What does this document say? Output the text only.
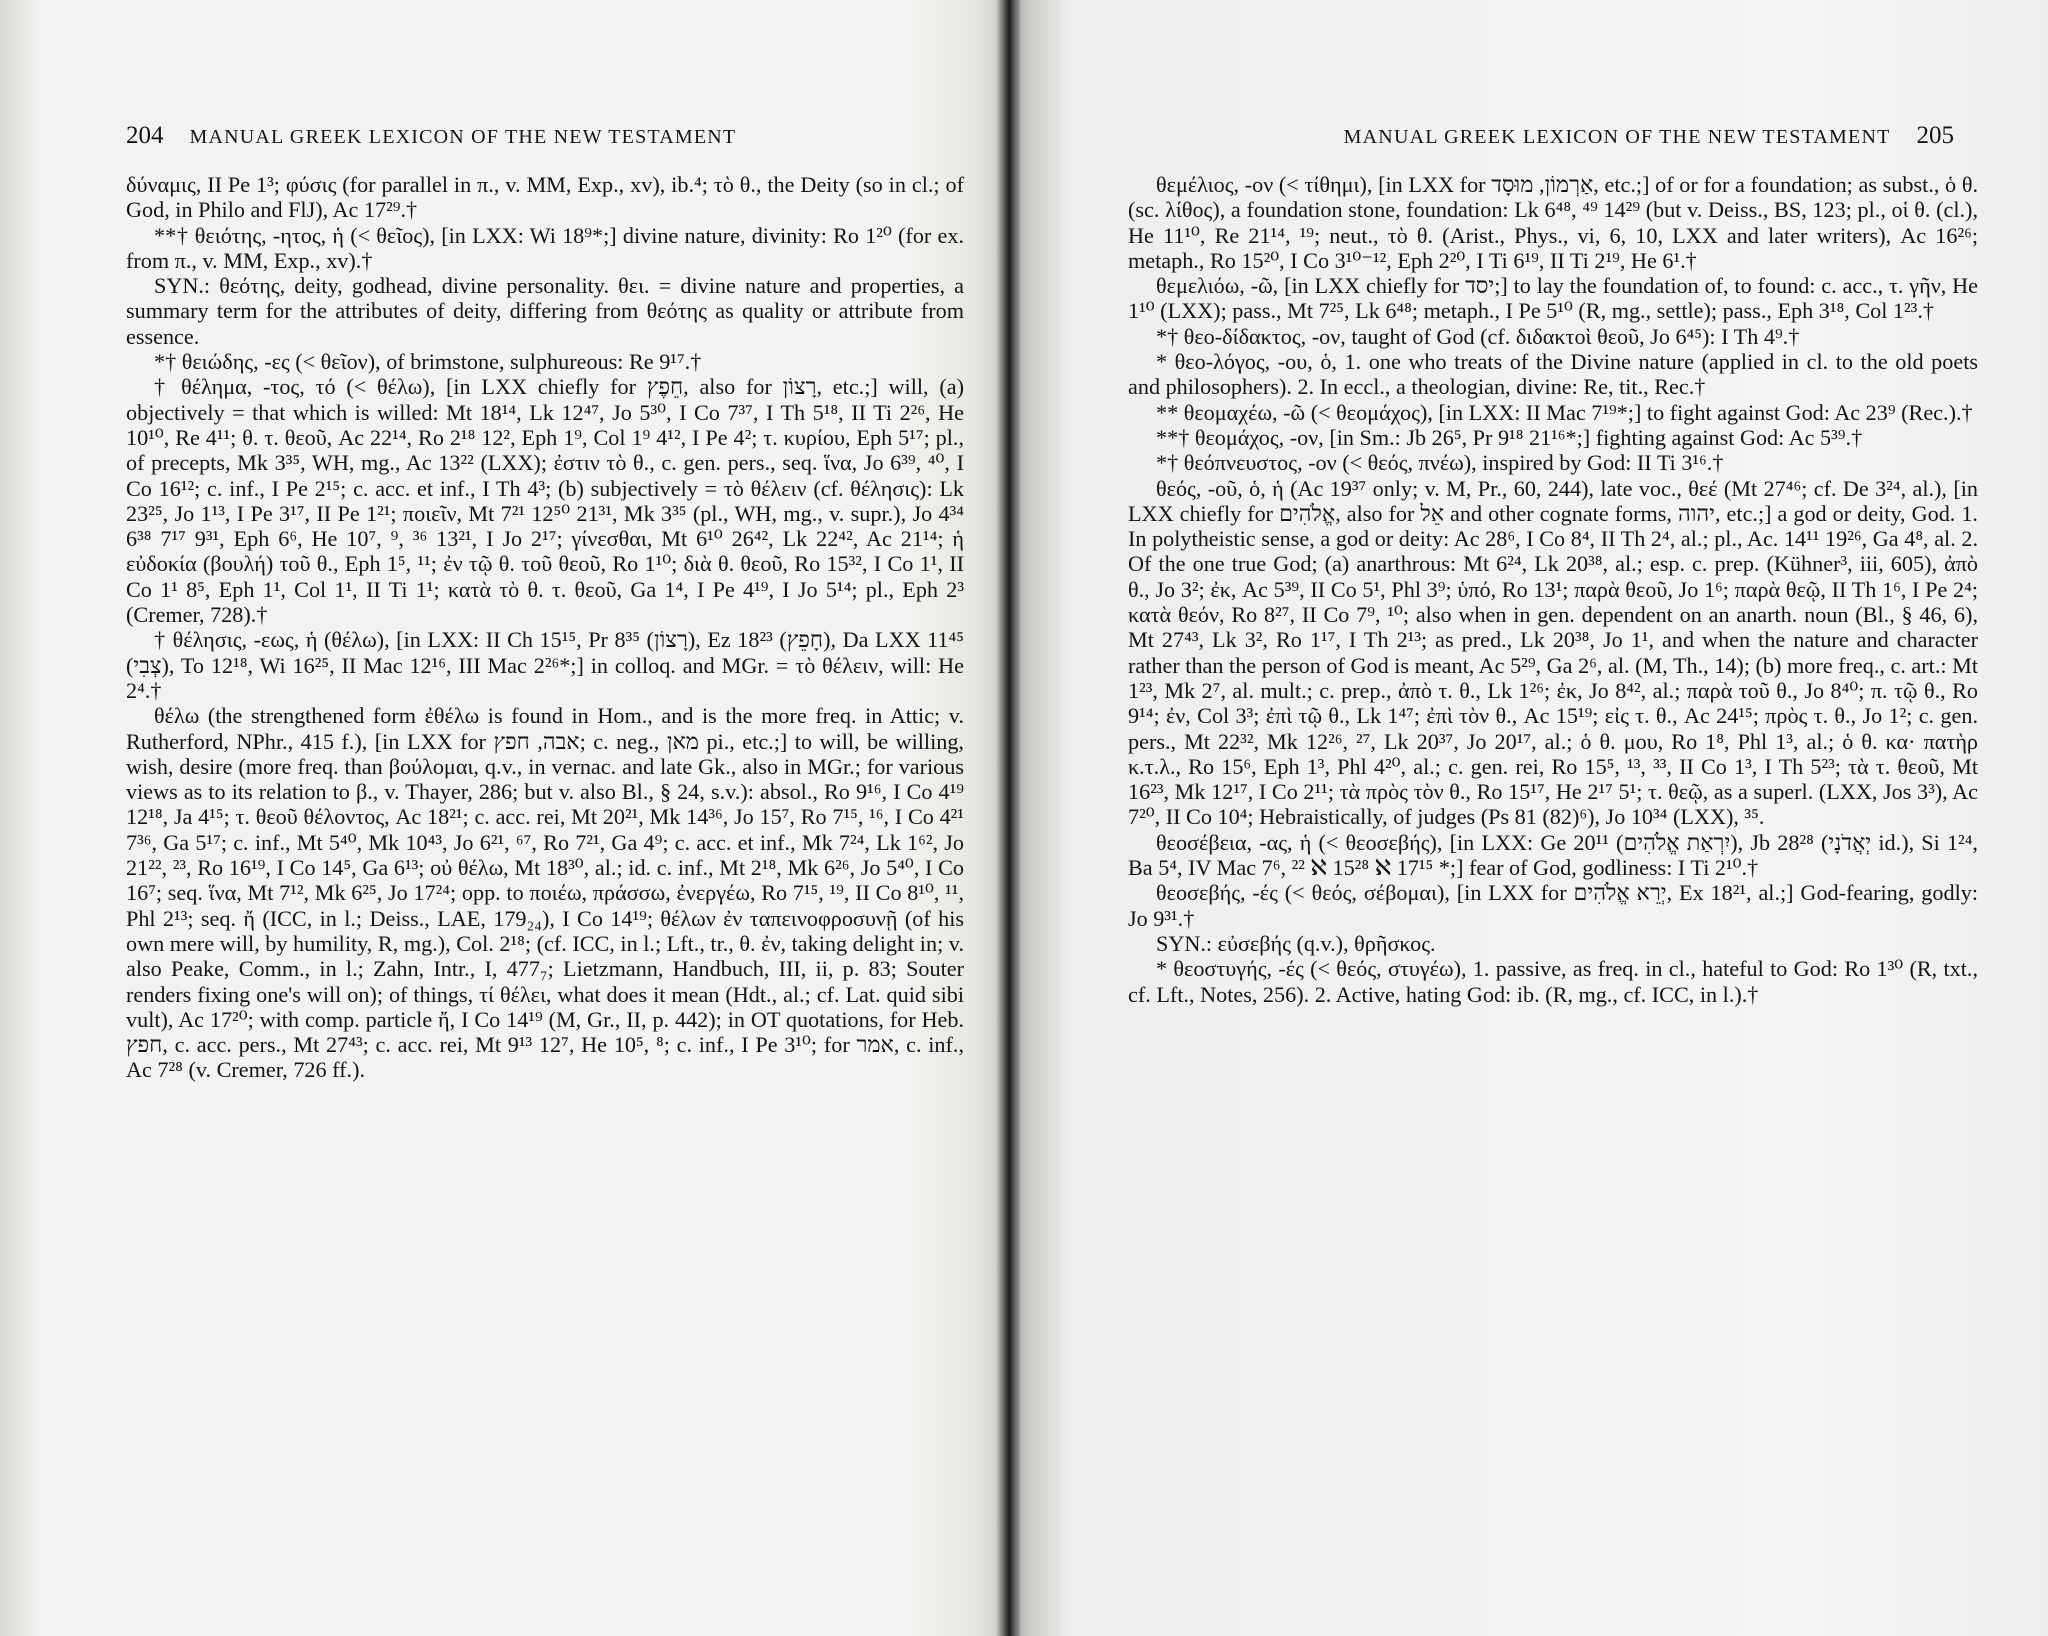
204 MANUAL GREEK LEXICON OF THE NEW TESTAMENT

δύναμις, II Pe 1³; φύσις (for parallel in π., v. MM, Exp., xv), ib.⁴; τὸ θ., the Deity (so in cl.; of God, in Philo and FlJ), Ac 17²⁹.†

**† θειότης, -ητος, ἡ (< θεῖος), [in LXX: Wi 18⁹*;] divine nature, divinity: Ro 1²⁰ (for ex. from π., v. MM, Exp., xv).†

SYN.: θεότης, deity, godhead, divine personality. θει. = divine nature and properties, a summary term for the attributes of deity, differing from θεότης as quality or attribute from essence.

*† θειώδης, -ες (< θεῖον), of brimstone, sulphureous: Re 9¹⁷.†

† θέλημα, -τος, τό (< θέλω), [in LXX chiefly for חֵפֶץ, also for רָצוֹן, etc.;] will, (a) objectively = that which is willed: Mt 18¹⁴, Lk 12⁴⁷, Jo 5³⁰, I Co 7³⁷, I Th 5¹⁸, II Ti 2²⁶, He 10¹⁰, Re 4¹¹; θ. τ. θεοῦ, Ac 22¹⁴, Ro 2¹⁸ 12², Eph 1⁹, Col 1⁹ 4¹², I Pe 4²; τ. κυρίου, Eph 5¹⁷; pl., of precepts, Mk 3³⁵, WH, mg., Ac 13²² (LXX); ἐστιν τὸ θ., c. gen. pers., seq. ἵνα, Jo 6³⁹, ⁴⁰, I Co 16¹²; c. inf., I Pe 2¹⁵; c. acc. et inf., I Th 4³; (b) subjectively = τὸ θέλειν (cf. θέλησις): Lk 23²⁵, Jo 1¹³, I Pe 3¹⁷, II Pe 1²¹; ποιεῖν, Mt 7²¹ 12⁵⁰ 21³¹, Mk 3³⁵ (pl., WH, mg., v. supr.), Jo 4³⁴ 6³⁸ 7¹⁷ 9³¹, Eph 6⁶, He 10⁷, ⁹, ³⁶ 13²¹, I Jo 2¹⁷; γίνεσθαι, Mt 6¹⁰ 26⁴², Lk 22⁴², Ac 21¹⁴; ἡ εὐδοκία (βουλή) τοῦ θ., Eph 1⁵, ¹¹; ἐν τῷ θ. τοῦ θεοῦ, Ro 1¹⁰; διὰ θ. θεοῦ, Ro 15³², I Co 1¹, II Co 1¹ 8⁵, Eph 1¹, Col 1¹, II Ti 1¹; κατὰ τὸ θ. τ. θεοῦ, Ga 1⁴, I Pe 4¹⁹, I Jo 5¹⁴; pl., Eph 2³ (Cremer, 728).†

† θέλησις, -εως, ἡ (θέλω), [in LXX: II Ch 15¹⁵, Pr 8³⁵ (רָצוֹן), Ez 18²³ (חָפֵץ), Da LXX 11⁴⁵ (צְבִי), To 12¹⁸, Wi 16²⁵, II Mac 12¹⁶, III Mac 2²⁶*;] in colloq. and MGr. = τὸ θέλειν, will: He 2⁴.†

θέλω (the strengthened form ἐθέλω is found in Hom., and is the more freq. in Attic; v. Rutherford, NPhr., 415 f.), [in LXX for אבה, חפץ; c. neg., מאן pi., etc.;] to will, be willing, wish, desire (more freq. than βούλομαι, q.v., in vernac. and late Gk., also in MGr.; for various views as to its relation to β., v. Thayer, 286; but v. also Bl., § 24, s.v.): absol., Ro 9¹⁶, I Co 4¹⁹ 12¹⁸, Ja 4¹⁵; τ. θεοῦ θέλοντος, Ac 18²¹; c. acc. rei, Mt 20²¹, Mk 14³⁶, Jo 15⁷, Ro 7¹⁵, ¹⁶, I Co 4²¹ 7³⁶, Ga 5¹⁷; c. inf., Mt 5⁴⁰, Mk 10⁴³, Jo 6²¹, ⁶⁷, Ro 7²¹, Ga 4⁹; c. acc. et inf., Mk 7²⁴, Lk 1⁶², Jo 21²², ²³, Ro 16¹⁹, I Co 14⁵, Ga 6¹³; οὐ θέλω, Mt 18³⁰, al.; id. c. inf., Mt 2¹⁸, Mk 6²⁶, Jo 5⁴⁰, I Co 16⁷; seq. ἵνα, Mt 7¹², Mk 6²⁵, Jo 17²⁴; opp. to ποιέω, πράσσω, ἐνεργέω, Ro 7¹⁵, ¹⁹, II Co 8¹⁰, ¹¹, Phl 2¹³; seq. ἤ (ICC, in l.; Deiss., LAE, 179₂₄), I Co 14¹⁹; θέλων ἐν ταπεινοφροσυνῇ (of his own mere will, by humility, R, mg.), Col. 2¹⁸; (cf. ICC, in l.; Lft., tr., θ. ἐν, taking delight in; v. also Peake, Comm., in l.; Zahn, Intr., I, 477₇; Lietzmann, Handbuch, III, ii, p. 83; Souter renders fixing one's will on); of things, τί θέλει, what does it mean (Hdt., al.; cf. Lat. quid sibi vult), Ac 17²⁰; with comp. particle ἤ, I Co 14¹⁹ (M, Gr., II, p. 442); in OT quotations, for Heb. חפץ, c. acc. pers., Mt 27⁴³; c. acc. rei, Mt 9¹³ 12⁷, He 10⁵, ⁸; c. inf., I Pe 3¹⁰; for אמר, c. inf., Ac 7²⁸ (v. Cremer, 726 ff.).

MANUAL GREEK LEXICON OF THE NEW TESTAMENT 205

θεμέλιος, -ον (< τίθημι), [in LXX for אַרְמוֹן, מוּסָד, etc.;] of or for a foundation; as subst., ὁ θ. (sc. λίθος), a foundation stone, foundation: Lk 6⁴⁸, ⁴⁹ 14²⁹ (but v. Deiss., BS, 123; pl., οἱ θ. (cl.), He 11¹⁰, Re 21¹⁴, ¹⁹; neut., τὸ θ. (Arist., Phys., vi, 6, 10, LXX and later writers), Ac 16²⁶; metaph., Ro 15²⁰, I Co 3¹⁰⁻¹², Eph 2²⁰, I Ti 6¹⁹, II Ti 2¹⁹, He 6¹.†

θεμελιόω, -ῶ, [in LXX chiefly for יסד;] to lay the foundation of, to found: c. acc., τ. γῆν, He 1¹⁰ (LXX); pass., Mt 7²⁵, Lk 6⁴⁸; metaph., I Pe 5¹⁰ (R, mg., settle); pass., Eph 3¹⁸, Col 1²³.†

*† θεο-δίδακτος, -ον, taught of God (cf. διδακτοὶ θεοῦ, Jo 6⁴⁵): I Th 4⁹.†

* θεο-λόγος, -ου, ὁ, 1. one who treats of the Divine nature (applied in cl. to the old poets and philosophers). 2. In eccl., a theologian, divine: Re, tit., Rec.†

** θεομαχέω, -ῶ (< θεομάχος), [in LXX: II Mac 7¹⁹*;] to fight against God: Ac 23⁹ (Rec.).†

**† θεομάχος, -ον, [in Sm.: Jb 26⁵, Pr 9¹⁸ 21¹⁶*;] fighting against God: Ac 5³⁹.†

*† θεόπνευστος, -ον (< θεός, πνέω), inspired by God: II Ti 3¹⁶.†

θεός, -οῦ, ὁ, ἡ (Ac 19³⁷ only; v. M, Pr., 60, 244), late voc., θεέ (Mt 27⁴⁶; cf. De 3²⁴, al.), [in LXX chiefly for אֱלֹהִים, also for אֵל and other cognate forms, יהוה, etc.;] a god or deity, God. 1. In polytheistic sense, a god or deity: Ac 28⁶, I Co 8⁴, II Th 2⁴, al.; pl., Ac. 14¹¹ 19²⁶, Ga 4⁸, al. 2. Of the one true God; (a) anarthrous: Mt 6²⁴, Lk 20³⁸, al.; esp. c. prep. (Kühner³, iii, 605), ἀπὸ θ., Jo 3²; ἐκ, Ac 5³⁹, II Co 5¹, Phl 3⁹; ὑπό, Ro 13¹; παρὰ θεοῦ, Jo 1⁶; παρὰ θεῷ, II Th 1⁶, I Pe 2⁴; κατὰ θεόν, Ro 8²⁷, II Co 7⁹, ¹⁰; also when in gen. dependent on an anarth. noun (Bl., § 46, 6), Mt 27⁴³, Lk 3², Ro 1¹⁷, I Th 2¹³; as pred., Lk 20³⁸, Jo 1¹, and when the nature and character rather than the person of God is meant, Ac 5²⁹, Ga 2⁶, al. (M, Th., 14); (b) more freq., c. art.: Mt 1²³, Mk 2⁷, al. mult.; c. prep., ἀπὸ τ. θ., Lk 1²⁶; ἐκ, Jo 8⁴², al.; παρὰ τοῦ θ., Jo 8⁴⁰; π. τῷ θ., Ro 9¹⁴; ἐν, Col 3³; ἐπὶ τῷ θ., Lk 1⁴⁷; ἐπὶ τὸν θ., Ac 15¹⁹; εἰς τ. θ., Ac 24¹⁵; πρὸς τ. θ., Jo 1²; c. gen. pers., Mt 22³², Mk 12²⁶, ²⁷, Lk 20³⁷, Jo 20¹⁷, al.; ὁ θ. μου, Ro 1⁸, Phl 1³, al.; ὁ θ. κα· πατὴρ κ.τ.λ., Ro 15⁶, Eph 1³, Phl 4²⁰, al.; c. gen. rei, Ro 15⁵, ¹³, ³³, II Co 1³, I Th 5²³; τὰ τ. θεοῦ, Mt 16²³, Mk 12¹⁷, I Co 2¹¹; τὰ πρὸς τὸν θ., Ro 15¹⁷, He 2¹⁷ 5¹; τ. θεῷ, as a superl. (LXX, Jos 3³), Ac 7²⁰, II Co 10⁴; Hebraistically, of judges (Ps 81 (82)⁶), Jo 10³⁴ (LXX), ³⁵.

θεοσέβεια, -ας, ἡ (< θεοσεβής), [in LXX: Ge 20¹¹ (יִרְאַת אֱלֹהִים), Jb 28²⁸ (יְאֲדֹנָי id.), Si 1²⁴, Ba 5⁴, IV Mac 7⁶, ²² ℵ 15²⁸ ℵ 17¹⁵ *;] fear of God, godliness: I Ti 2¹⁰.†

θεοσεβής, -ές (< θεός, σέβομαι), [in LXX for יְרֵא אֱלֹהִים, Ex 18²¹, al.;] God-fearing, godly: Jo 9³¹.†

SYN.: εὐσεβής (q.v.), θρῆσκος.

* θεοστυγής, -ές (< θεός, στυγέω), 1. passive, as freq. in cl., hateful to God: Ro 1³⁰ (R, txt., cf. Lft., Notes, 256). 2. Active, hating God: ib. (R, mg., cf. ICC, in l.).†
